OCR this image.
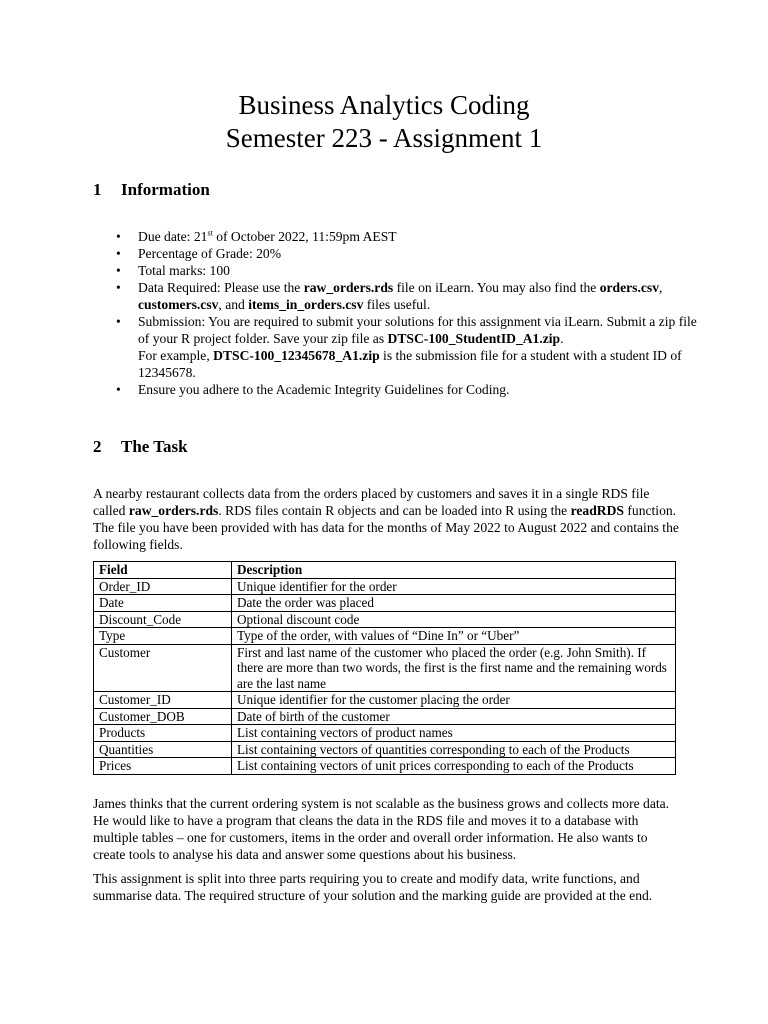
Business Analytics Coding
Semester 223 - Assignment 1
1 Information
• Due date: 21st of October 2022, 11:59pm AEST
• Percentage of Grade: 20%
• Total marks: 100
• Data Required: Please use the raw_orders.rds file on iLearn. You may also find the orders.csv, customers.csv, and items_in_orders.csv files useful.
• Submission: You are required to submit your solutions for this assignment via iLearn. Submit a zip file of your R project folder. Save your zip file as DTSC-100_StudentID_A1.zip.
For example, DTSC-100_12345678_A1.zip is the submission file for a student with a student ID of 12345678.
• Ensure you adhere to the Academic Integrity Guidelines for Coding.
2 The Task

A nearby restaurant collects data from the orders placed by customers and saves it in a single RDS file called raw_orders.rds. RDS files contain R objects and can be loaded into R using the readRDS function. The file you have been provided with has data for the months of May 2022 to August 2022 and contains the following fields.

Field	Description
Order_ID	Unique identifier for the order
Date	Date the order was placed
Discount_Code	Optional discount code
Type	Type of the order, with values of “Dine In” or “Uber”
Customer	First and last name of the customer who placed the order (e.g. John Smith). If there are more than two words, the first is the first name and the remaining words are the last name
Customer_ID	Unique identifier for the customer placing the order
Customer_DOB	Date of birth of the customer
Products	List containing vectors of product names
Quantities	List containing vectors of quantities corresponding to each of the Products
Prices	List containing vectors of unit prices corresponding to each of the Products

James thinks that the current ordering system is not scalable as the business grows and collects more data. He would like to have a program that cleans the data in the RDS file and moves it to a database with multiple tables – one for customers, items in the order and overall order information. He also wants to create tools to analyse his data and answer some questions about his business.

This assignment is split into three parts requiring you to create and modify data, write functions, and summarise data. The required structure of your solution and the marking guide are provided at the end.
